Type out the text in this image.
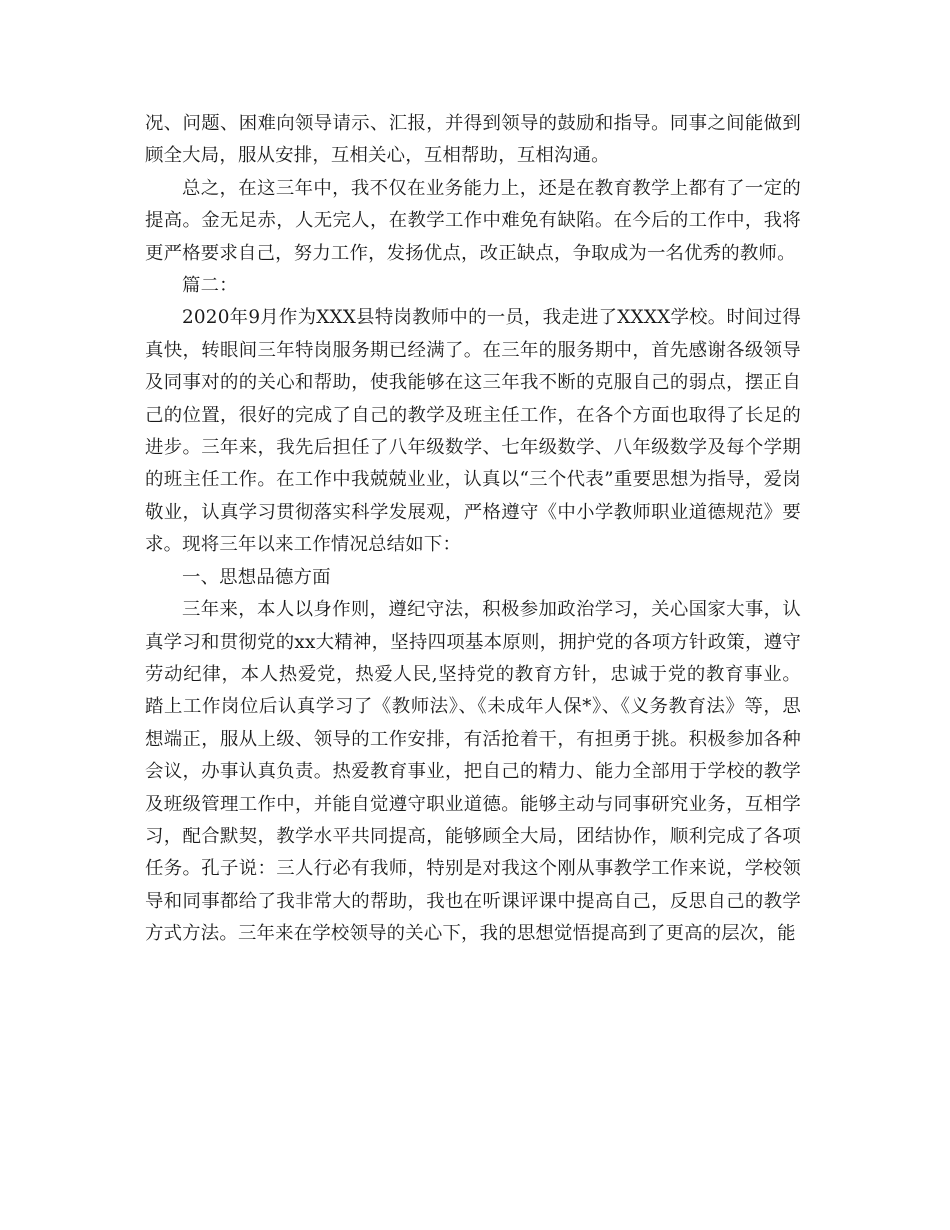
况、问题、困难向领导请示、汇报，并得到领导的鼓励和指导。同事之间能做到顾全大局，服从安排，互相关心，互相帮助，互相沟通。

总之，在这三年中，我不仅在业务能力上，还是在教育教学上都有了一定的提高。金无足赤，人无完人，在教学工作中难免有缺陷。在今后的工作中，我将更严格要求自己，努力工作，发扬优点，改正缺点，争取成为一名优秀的教师。

篇二：

2020年9月作为XXX县特岗教师中的一员，我走进了XXXX学校。时间过得真快，转眼间三年特岗服务期已经满了。在三年的服务期中，首先感谢各级领导及同事对的的关心和帮助，使我能够在这三年我不断的克服自己的弱点，摆正自己的位置，很好的完成了自己的教学及班主任工作，在各个方面也取得了长足的进步。三年来，我先后担任了八年级数学、七年级数学、八年级数学及每个学期的班主任工作。在工作中我兢兢业业，认真以“三个代表”重要思想为指导，爱岗敬业，认真学习贯彻落实科学发展观，严格遵守《中小学教师职业道德规范》要求。现将三年以来工作情况总结如下：

一、思想品德方面

三年来，本人以身作则，遵纪守法，积极参加政治学习，关心国家大事，认真学习和贯彻党的xx大精神，坚持四项基本原则，拥护党的各项方针政策，遵守劳动纪律，本人热爱党，热爱人民,坚持党的教育方针，忠诚于党的教育事业。踏上工作岗位后认真学习了《教师法》、《未成年人保*》、《义务教育法》等，思想端正，服从上级、领导的工作安排，有活抢着干，有担勇于挑。积极参加各种会议，办事认真负责。热爱教育事业，把自己的精力、能力全部用于学校的教学及班级管理工作中，并能自觉遵守职业道德。能够主动与同事研究业务，互相学习，配合默契，教学水平共同提高，能够顾全大局，团结协作，顺利完成了各项任务。孔子说：三人行必有我师，特别是对我这个刚从事教学工作来说，学校领导和同事都给了我非常大的帮助，我也在听课评课中提高自己，反思自己的教学方式方法。三年来在学校领导的关心下，我的思想觉悟提高到了更高的层次，能
